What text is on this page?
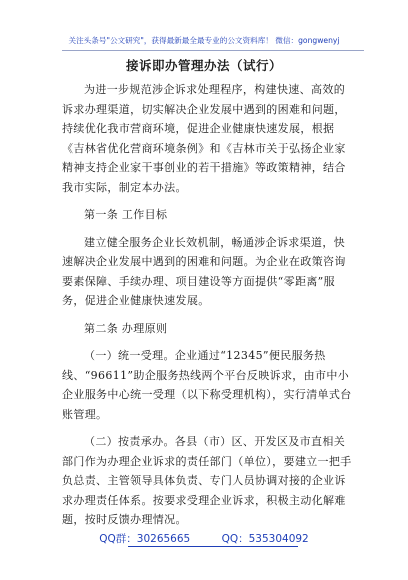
关注头条号"公文研究"，获得最新最全最专业的公文资料库！ 微信：gongwenyj
接诉即办管理办法（试行）

为进一步规范涉企诉求处理程序，构建快速、高效的诉求办理渠道，切实解决企业发展中遇到的困难和问题，持续优化我市营商环境，促进企业健康快速发展，根据《吉林省优化营商环境条例》和《吉林市关于弘扬企业家精神支持企业家干事创业的若干措施》等政策精神，结合我市实际，制定本办法。

第一条 工作目标

建立健全服务企业长效机制，畅通涉企诉求渠道，快速解决企业发展中遇到的困难和问题。为企业在政策咨询要素保障、手续办理、项目建设等方面提供“零距离”服务，促进企业健康快速发展。

第二条 办理原则

（一）统一受理。企业通过“12345”便民服务热线、“96611”助企服务热线两个平台反映诉求，由市中小企业服务中心统一受理（以下称受理机构），实行清单式台账管理。

（二）按责承办。各县（市）区、开发区及市直相关部门作为办理企业诉求的责任部门（单位），要建立一把手负总责、主管领导具体负责、专门人员协调对接的企业诉求办理责任体系。按要求受理企业诉求，积极主动化解难题，按时反馈办理情况。

QQ群：30265665	QQ：535304092
